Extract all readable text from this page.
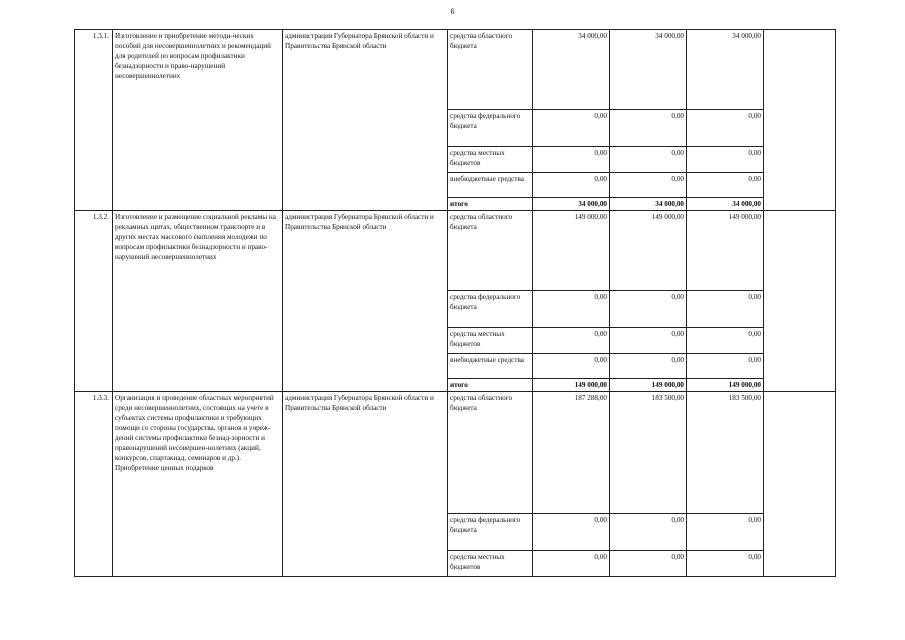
6
1.3.1.	Изготовление и приобретение методи-ческих пособий для несовершеннолетних и рекомендаций для родителей по вопросам профилактики безнадзорности и право-нарушений несовершеннолетних	администрация Губернатора Брянской области и Правительства Брянской области	средства областного бюджета	34 000,00	34 000,00	34 000,00	
			средства федерального бюджета	0,00	0,00	0,00	
			средства местных бюджетов	0,00	0,00	0,00	
			внебюджетные средства	0,00	0,00	0,00	
			итого	34 000,00	34 000,00	34 000,00	
1.3.2.	Изготовление и размещение социальной рекламы на рекламных щитах, общественном транспорте и в других местах массового скопления молодежи по вопросам профилактики безнадзорности и право-нарушений несовершеннолетних	администрация Губернатора Брянской области и Правительства Брянской области	средства областного бюджета	149 000,00	149 000,00	149 000,00	
			средства федерального бюджета	0,00	0,00	0,00	
			средства местных бюджетов	0,00	0,00	0,00	
			внебюджетные средства	0,00	0,00	0,00	
			итого	149 000,00	149 000,00	149 000,00	
1.3.3.	Организация и проведение областных мероприятий среди несовершеннолетних, состоящих на учете в субъектах системы профилактики и требующих помощи со стороны государства, органов и учреж-дений системы профилактики безнад-зорности и правонарушений несовершен-нолетних (акций, конкурсов, спартакиад, семинаров и др.). Приобретение ценных подарков	администрация Губернатора Брянской области и Правительства Брянской области	средства областного бюджета	187 288,00	183 500,00	183 500,00	
			средства федерального бюджета	0,00	0,00	0,00	
			средства местных бюджетов	0,00	0,00	0,00	
